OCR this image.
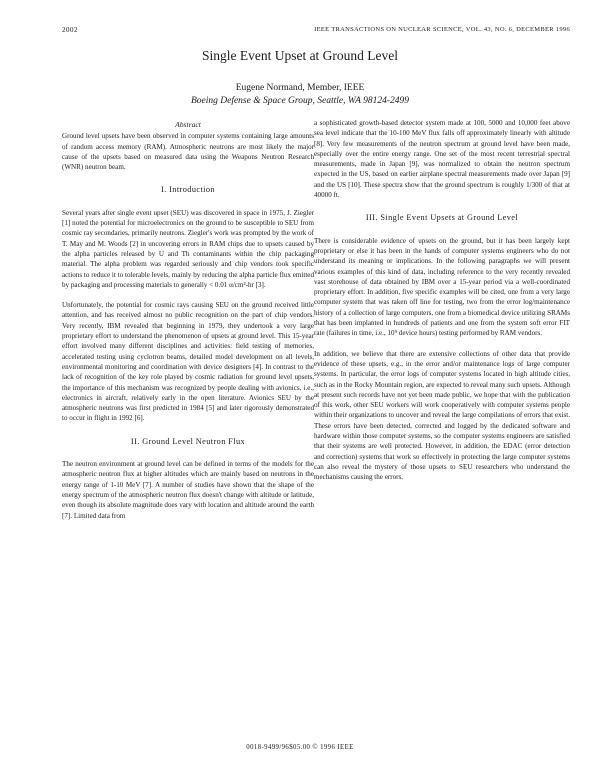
2002	IEEE TRANSACTIONS ON NUCLEAR SCIENCE, VOL. 43, NO. 6, DECEMBER 1996
Single Event Upset at Ground Level
Eugene Normand, Member, IEEE
Boeing Defense & Space Group, Seattle, WA 98124-2499
Abstract

Ground level upsets have been observed in computer systems containing large amounts of random access memory (RAM). Atmospheric neutrons are most likely the major cause of the upsets based on measured data using the Weapons Neutron Research (WNR) neutron beam.

I. Introduction

Several years after single event upset (SEU) was discovered in space in 1975, J. Ziegler [1] noted the potential for microelectronics on the ground to be susceptible to SEU from cosmic ray secondaries, primarily neutrons. Ziegler's work was prompted by the work of T. May and M. Woods [2] in uncovering errors in RAM chips due to upsets caused by the alpha particles released by U and Th contaminants within the chip packaging material. The alpha problem was regarded seriously and chip vendors took specific actions to reduce it to tolerable levels, mainly by reducing the alpha particle flux emitted by packaging and processing materials to generally < 0.01 α/cm²-hr [3].

Unfortunately, the potential for cosmic rays causing SEU on the ground received little attention, and has received almost no public recognition on the part of chip vendors. Very recently, IBM revealed that beginning in 1979, they undertook a very large proprietary effort to understand the phenomenon of upsets at ground level. This 15-year effort involved many different disciplines and activities: field testing of memories, accelerated testing using cyclotron beams, detailed model development on all levels, environmental monitoring and coordination with device designers [4]. In contrast to the lack of recognition of the key role played by cosmic radiation for ground level upsets, the importance of this mechanism was recognized by people dealing with avionics, i.e., electronics in aircraft, relatively early in the open literature. Avionics SEU by the atmospheric neutrons was first predicted in 1984 [5] and later rigorously demonstrated to occur in flight in 1992 [6].

II. Ground Level Neutron Flux

The neutron environment at ground level can be defined in terms of the models for the atmospheric neutron flux at higher altitudes which are mainly based on neutrons in the energy range of 1-10 MeV [7]. A number of studies have shown that the shape of the energy spectrum of the atmospheric neutron flux doesn't change with altitude or latitude, even though its absolute magnitude does vary with location and altitude around the earth [7]. Limited data from

a sophisticated growth-based detector system made at 100, 5000 and 10,000 feet above sea level indicate that the 10-100 MeV flux falls off approximately linearly with altitude [8]. Very few measurements of the neutron spectrum at ground level have been made, especially over the entire energy range. One set of the most recent terrestrial spectral measurements, made in Japan [9], was normalized to obtain the neutron spectrum expected in the US, based on earlier airplane spectral measurements made over Japan [9] and the US [10]. These spectra show that the ground spectrum is roughly 1/300 of that at 40000 ft.

III. Single Event Upsets at Ground Level

There is considerable evidence of upsets on the ground, but it has been largely kept proprietary or else it has been in the hands of computer systems engineers who do not understand its meaning or implications. In the following paragraphs we will present various examples of this kind of data, including reference to the very recently revealed vast storehouse of data obtained by IBM over a 15-year period via a well-coordinated proprietary effort. In addition, five specific examples will be cited, one from a very large computer system that was taken off line for testing, two from the error log/maintenance history of a collection of large computers, one from a biomedical device utilizing SRAMs that has been implanted in hundreds of patients and one from the system soft error FIT rate (failures in time, i.e., 10⁹ device hours) testing performed by RAM vendors.

In addition, we believe that there are extensive collections of other data that provide evidence of these upsets, e.g., in the error and/or maintenance logs of large computer systems. In particular, the error logs of computer systems located in high altitude cities, such as in the Rocky Mountain region, are expected to reveal many such upsets. Although at present such records have not yet been made public, we hope that with the publication of this work, other SEU workers will work cooperatively with computer systems people within their organizations to uncover and reveal the large compilations of errors that exist. These errors have been detected, corrected and logged by the dedicated software and hardware within those computer systems, so the computer systems engineers are satisfied that their systems are well protected. However, in addition, the EDAC (error detection and correction) systems that work so effectively in protecting the large computer systems can also reveal the mystery of those upsets to SEU researchers who understand the mechanisms causing the errors.

0018-9499/96$05.00 © 1996 IEEE
